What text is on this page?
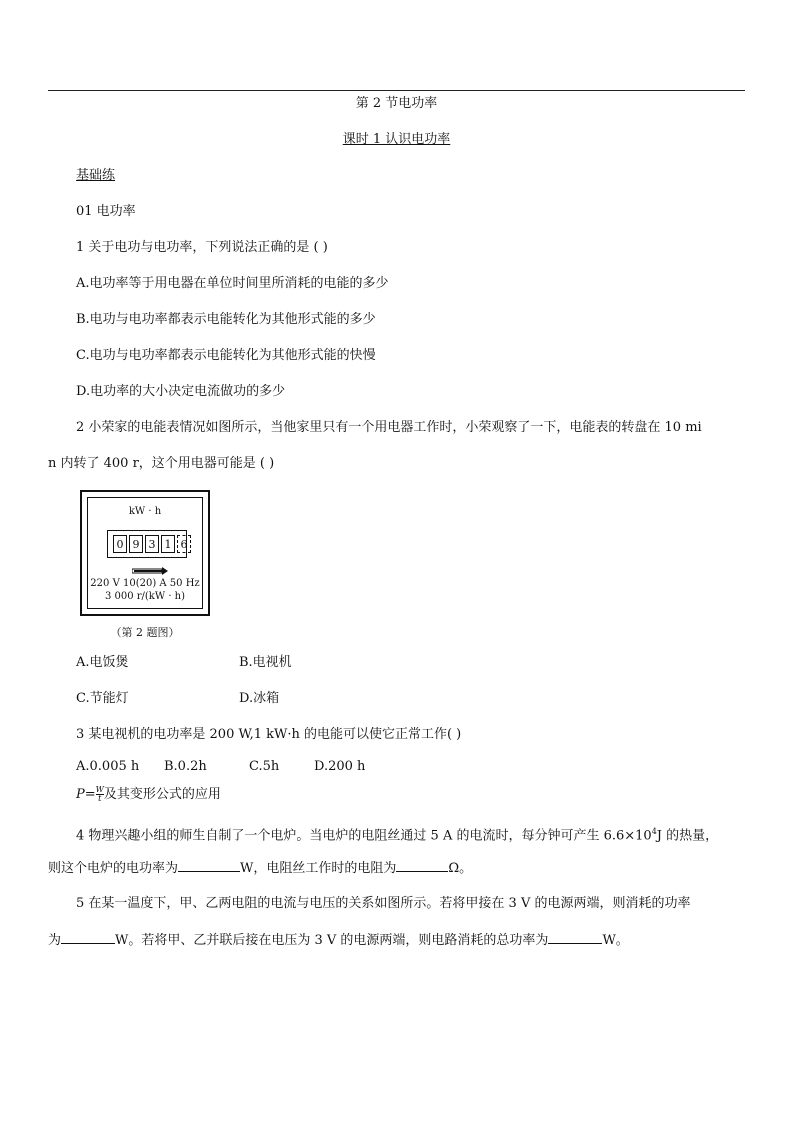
第 2 节电功率
课时 1 认识电功率
基础练
01 电功率
1 关于电功与电功率，下列说法正确的是 ( )
A.电功率等于用电器在单位时间里所消耗的电能的多少
B.电功与电功率都表示电能转化为其他形式能的多少
C.电功与电功率都表示电能转化为其他形式能的快慢
D.电功率的大小决定电流做功的多少
2 小荣家的电能表情况如图所示，当他家里只有一个用电器工作时，小荣观察了一下，电能表的转盘在 10 mi
n 内转了 400 r，这个用电器可能是 ( )
kW · h
0 9 3 1 6
220 V 10(20) A 50 Hz
3 000 r/(kW · h)
（第 2 题图）
A.电饭煲	B.电视机
C.节能灯	D.冰箱
3 某电视机的电功率是 200 W,1 kW·h 的电能可以使它正常工作( )
A.0.005 h B.0.2h	C.5h	D.200 h
$P= \frac{W}{t}$ 及其变形公式的应用
4 物理兴趣小组的师生自制了一个电炉。当电炉的电阻丝通过 5 A 的电流时，每分钟可产生 $6.6\times 10^4J$ 的热量，
则这个电炉的电功率为	W，电阻丝工作时的电阻为	Ω。
5 在某一温度下，甲、乙两电阻的电流与电压的关系如图所示。若将甲接在 3 V 的电源两端，则消耗的功率
为	W。若将甲、乙并联后接在电压为 3 V 的电源两端，则电路消耗的总功率为	W。
